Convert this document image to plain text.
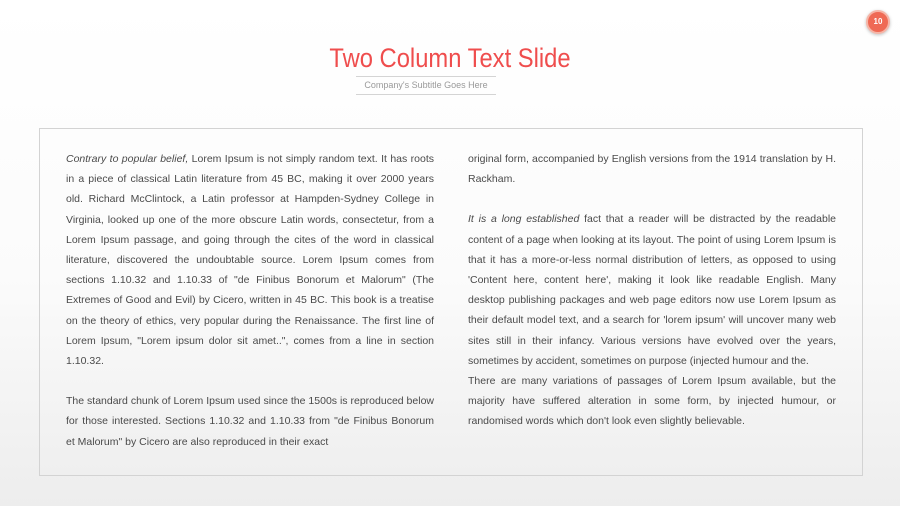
10
Two Column Text Slide
Company's Subtitle Goes Here

Contrary to popular belief, Lorem Ipsum is not simply random text. It has roots in a piece of classical Latin literature from 45 BC, making it over 2000 years old. Richard McClintock, a Latin professor at Hampden-Sydney College in Virginia, looked up one of the more obscure Latin words, consectetur, from a Lorem Ipsum passage, and going through the cites of the word in classical literature, discovered the undoubtable source. Lorem Ipsum comes from sections 1.10.32 and 1.10.33 of "de Finibus Bonorum et Malorum" (The Extremes of Good and Evil) by Cicero, written in 45 BC. This book is a treatise on the theory of ethics, very popular during the Renaissance. The first line of Lorem Ipsum, "Lorem ipsum dolor sit amet..", comes from a line in section 1.10.32.

The standard chunk of Lorem Ipsum used since the 1500s is reproduced below for those interested. Sections 1.10.32 and 1.10.33 from "de Finibus Bonorum et Malorum" by Cicero are also reproduced in their exact

original form, accompanied by English versions from the 1914 translation by H. Rackham.

It is a long established fact that a reader will be distracted by the readable content of a page when looking at its layout. The point of using Lorem Ipsum is that it has a more-or-less normal distribution of letters, as opposed to using 'Content here, content here', making it look like readable English. Many desktop publishing packages and web page editors now use Lorem Ipsum as their default model text, and a search for 'lorem ipsum' will uncover many web sites still in their infancy. Various versions have evolved over the years, sometimes by accident, sometimes on purpose (injected humour and the.

There are many variations of passages of Lorem Ipsum available, but the majority have suffered alteration in some form, by injected humour, or randomised words which don't look even slightly believable.
